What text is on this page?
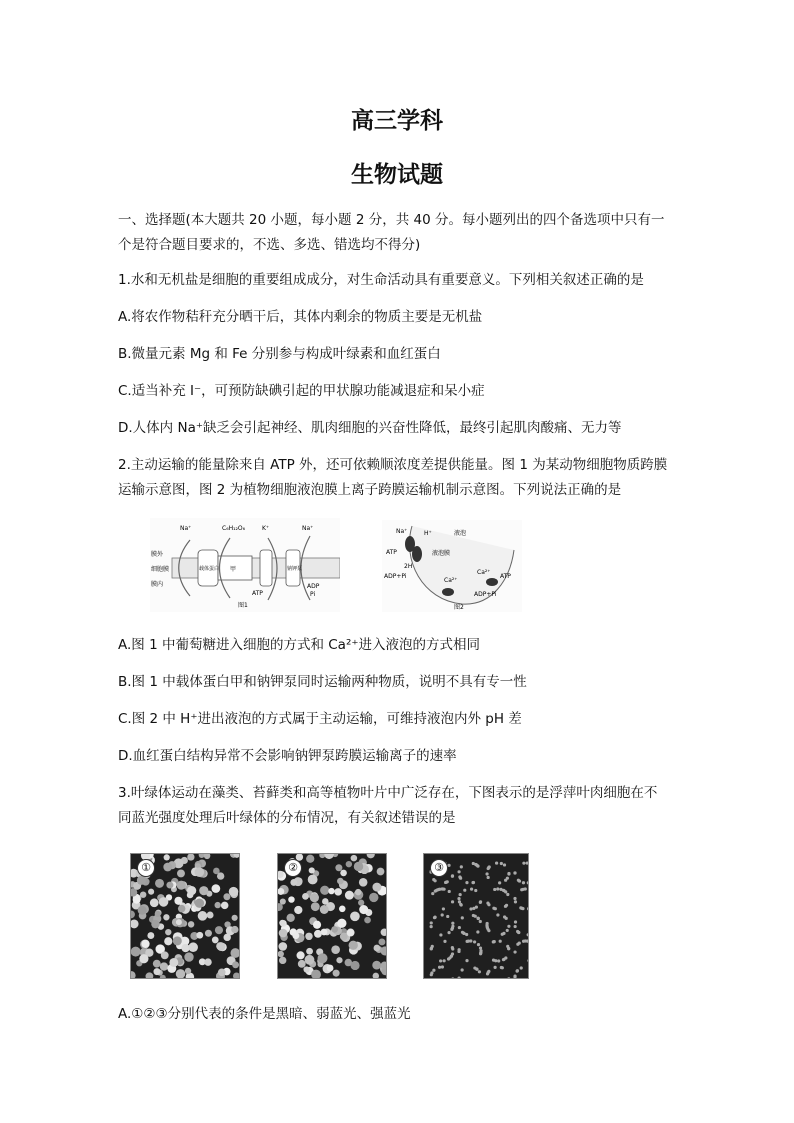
高三学科
生物试题
一、选择题(本大题共 20 小题，每小题 2 分，共 40 分。每小题列出的四个备选项中只有一
个是符合题目要求的，不选、多选、错选均不得分)
1.水和无机盐是细胞的重要组成成分，对生命活动具有重要意义。下列相关叙述正确的是
A.将农作物秸秆充分晒干后，其体内剩余的物质主要是无机盐
B.微量元素 Mg 和 Fe 分别参与构成叶绿素和血红蛋白
C.适当补充 I⁻，可预防缺碘引起的甲状腺功能减退症和呆小症
D.人体内 Na⁺缺乏会引起神经、肌肉细胞的兴奋性降低，最终引起肌肉酸痛、无力等
2.主动运输的能量除来自 ATP 外，还可依赖顺浓度差提供能量。图 1 为某动物细胞物质跨膜
运输示意图，图 2 为植物细胞液泡膜上离子跨膜运输机制示意图。下列说法正确的是
Na⁺	C₆H₁₂O₆	K⁺	Na⁺
膜外
细胞膜
膜内
载体蛋白 甲	钠钾泵
ATP
ADP
Pi
图1
Na⁺	H⁺	液泡
液泡膜
ATP
2H
ADP+Pi
Ca²⁺
Ca²⁺
ATP
ADP+Pi
图2
A.图 1 中葡萄糖进入细胞的方式和 Ca²⁺进入液泡的方式相同
B.图 1 中载体蛋白甲和钠钾泵同时运输两种物质，说明不具有专一性
C.图 2 中 H⁺进出液泡的方式属于主动运输，可维持液泡内外 pH 差
D.血红蛋白结构异常不会影响钠钾泵跨膜运输离子的速率
3.叶绿体运动在藻类、苔藓类和高等植物叶片中广泛存在，下图表示的是浮萍叶肉细胞在不
同蓝光强度处理后叶绿体的分布情况，有关叙述错误的是
①	②	③
A.①②③分别代表的条件是黑暗、弱蓝光、强蓝光
